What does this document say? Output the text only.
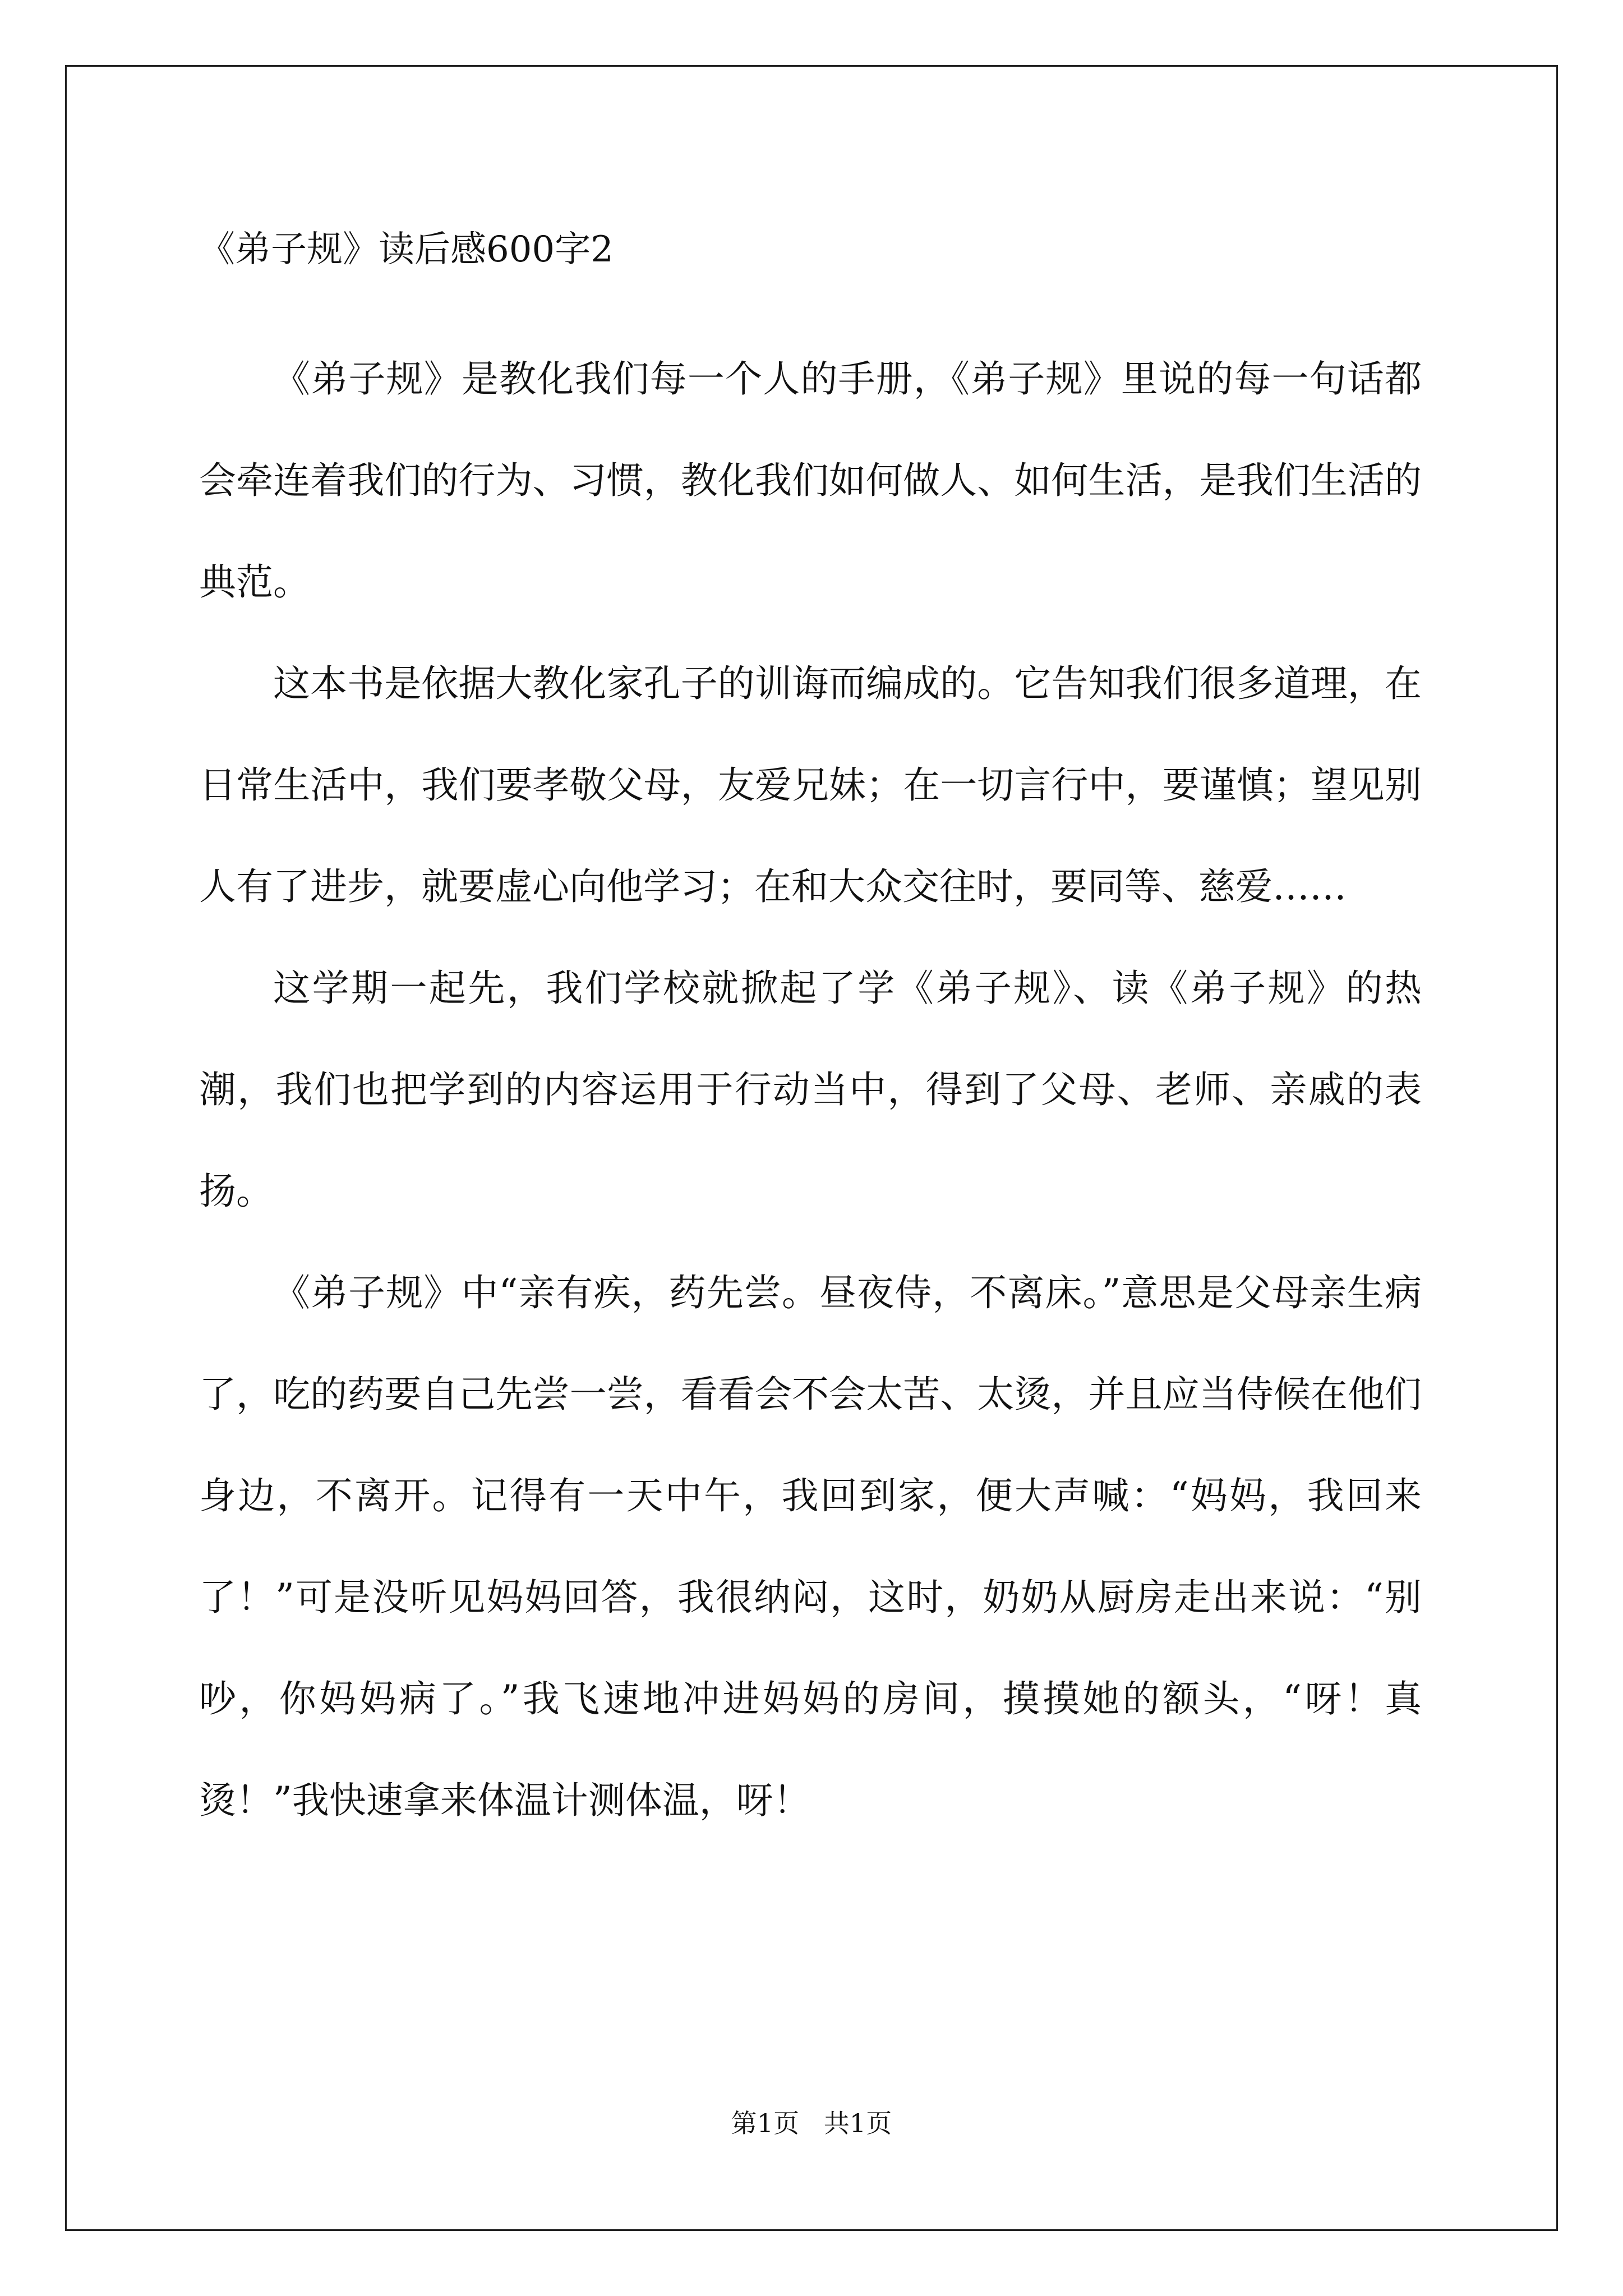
《弟子规》读后感600字2

《弟子规》是教化我们每一个人的手册，《弟子规》里说的每一句话都会牵连着我们的行为、习惯，教化我们如何做人、如何生活，是我们生活的典范。

这本书是依据大教化家孔子的训诲而编成的。它告知我们很多道理，在日常生活中，我们要孝敬父母，友爱兄妹；在一切言行中，要谨慎；望见别人有了进步，就要虚心向他学习；在和大众交往时，要同等、慈爱……

这学期一起先，我们学校就掀起了学《弟子规》、读《弟子规》的热潮，我们也把学到的内容运用于行动当中，得到了父母、老师、亲戚的表扬。

《弟子规》中“亲有疾，药先尝。昼夜侍，不离床。”意思是父母亲生病了，吃的药要自己先尝一尝，看看会不会太苦、太烫，并且应当侍候在他们身边，不离开。记得有一天中午，我回到家，便大声喊：“妈妈，我回来了！”可是没听见妈妈回答，我很纳闷，这时，奶奶从厨房走出来说：“别吵，你妈妈病了。”我飞速地冲进妈妈的房间，摸摸她的额头，“呀！真烫！”我快速拿来体温计测体温，呀！

第1页   共1页
